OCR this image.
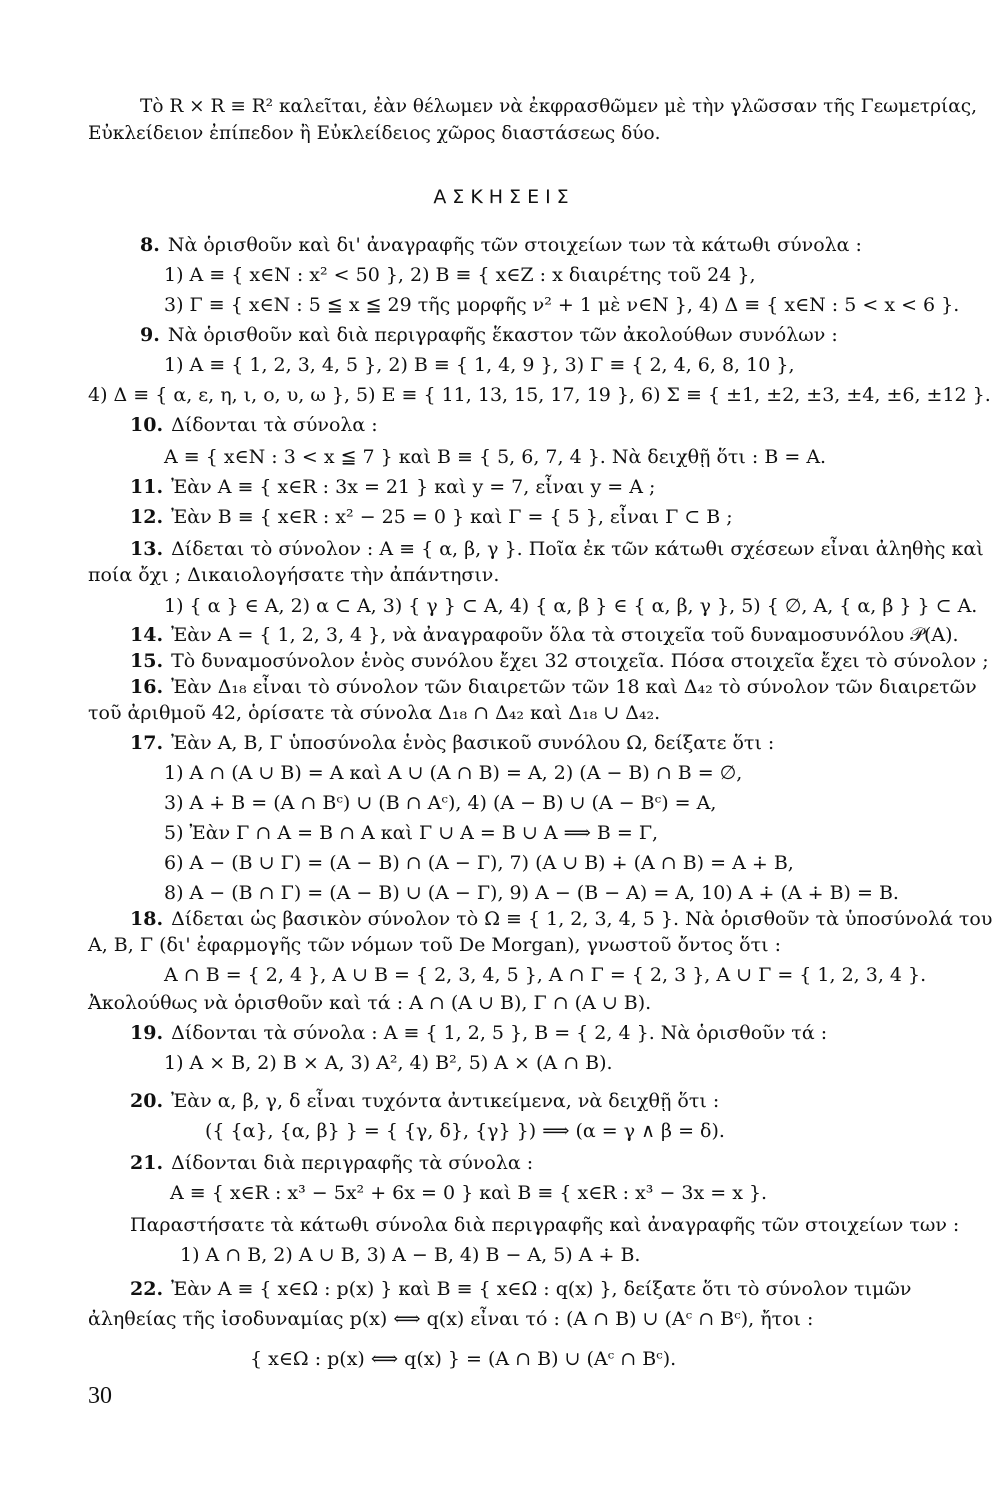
Τὸ R × R ≡ R² καλεῖται, ἐὰν θέλωμεν νὰ ἐκφρασθῶμεν μὲ τὴν γλῶσσαν τῆς Γεωμετρίας,
Εὐκλείδειον ἐπίπεδον ἢ Εὐκλείδειος χῶρος διαστάσεως δύο.
ΑΣΚΗΣΕΙΣ
8. Νὰ ὁρισθοῦν καὶ δι' ἀναγραφῆς τῶν στοιχείων των τὰ κάτωθι σύνολα :
1) A ≡ { x∈N : x² < 50 }, 2) B ≡ { x∈Z : x διαιρέτης τοῦ 24 },
3) Γ ≡ { x∈N : 5 ≦ x ≦ 29 τῆς μορφῆς ν² + 1 μὲ ν∈N }, 4) Δ ≡ { x∈N : 5 < x < 6 }.
9. Νὰ ὁρισθοῦν καὶ διὰ περιγραφῆς ἕκαστον τῶν ἀκολούθων συνόλων :
1) A ≡ { 1, 2, 3, 4, 5 }, 2) B ≡ { 1, 4, 9 }, 3) Γ ≡ { 2, 4, 6, 8, 10 },
4) Δ ≡ { α, ε, η, ι, ο, υ, ω }, 5) E ≡ { 11, 13, 15, 17, 19 }, 6) Σ ≡ { ±1, ±2, ±3, ±4, ±6, ±12 }.
10. Δίδονται τὰ σύνολα :
A ≡ { x∈N : 3 < x ≦ 7 } καὶ B ≡ { 5, 6, 7, 4 }. Νὰ δειχθῇ ὅτι : B = A.
11. Ἐὰν A ≡ { x∈R : 3x = 21 } καὶ y = 7, εἶναι y = A ;
12. Ἐὰν B ≡ { x∈R : x² − 25 = 0 } καὶ Γ = { 5 }, εἶναι Γ ⊂ B ;
13. Δίδεται τὸ σύνολον : A ≡ { α, β, γ }. Ποῖα ἐκ τῶν κάτωθι σχέσεων εἶναι ἀληθὴς καὶ
ποία ὄχι ; Δικαιολογήσατε τὴν ἀπάντησιν.
1) { α } ∈ A, 2) α ⊂ A, 3) { γ } ⊂ A, 4) { α, β } ∈ { α, β, γ }, 5) { ∅, A, { α, β } } ⊂ A.
14. Ἐὰν A = { 1, 2, 3, 4 }, νὰ ἀναγραφοῦν ὅλα τὰ στοιχεῖα τοῦ δυναμοσυνόλου 𝒫(A).
15. Τὸ δυναμοσύνολον ἑνὸς συνόλου ἔχει 32 στοιχεῖα. Πόσα στοιχεῖα ἔχει τὸ σύνολον ;
16. Ἐὰν Δ₁₈ εἶναι τὸ σύνολον τῶν διαιρετῶν τῶν 18 καὶ Δ₄₂ τὸ σύνολον τῶν διαιρετῶν
τοῦ ἀριθμοῦ 42, ὁρίσατε τὰ σύνολα Δ₁₈ ∩ Δ₄₂ καὶ Δ₁₈ ∪ Δ₄₂.
17. Ἐὰν A, B, Γ ὑποσύνολα ἑνὸς βασικοῦ συνόλου Ω, δείξατε ὅτι :
1) A ∩ (A ∪ B) = A καὶ A ∪ (A ∩ B) = A, 2) (A − B) ∩ B = ∅,
3) A ∔ B = (A ∩ Bᶜ) ∪ (B ∩ Aᶜ), 4) (A − B) ∪ (A − Bᶜ) = A,
5) Ἐὰν Γ ∩ A = B ∩ A καὶ Γ ∪ A = B ∪ A ⟹ B = Γ,
6) A − (B ∪ Γ) = (A − B) ∩ (A − Γ), 7) (A ∪ B) ∔ (A ∩ B) = A ∔ B,
8) A − (B ∩ Γ) = (A − B) ∪ (A − Γ), 9) A − (B − A) = A, 10) A ∔ (A ∔ B) = B.
18. Δίδεται ὡς βασικὸν σύνολον τὸ Ω ≡ { 1, 2, 3, 4, 5 }. Νὰ ὁρισθοῦν τὰ ὑποσύνολά του
A, B, Γ (δι' ἐφαρμογῆς τῶν νόμων τοῦ De Morgan), γνωστοῦ ὄντος ὅτι :
A ∩ B = { 2, 4 }, A ∪ B = { 2, 3, 4, 5 }, A ∩ Γ = { 2, 3 }, A ∪ Γ = { 1, 2, 3, 4 }.
Ἀκολούθως νὰ ὁρισθοῦν καὶ τά : A ∩ (A ∪ B), Γ ∩ (A ∪ B).
19. Δίδονται τὰ σύνολα : A ≡ { 1, 2, 5 }, B = { 2, 4 }. Νὰ ὁρισθοῦν τά :
1) A × B, 2) B × A, 3) A², 4) B², 5) A × (A ∩ B).
20. Ἐὰν α, β, γ, δ εἶναι τυχόντα ἀντικείμενα, νὰ δειχθῇ ὅτι :
({ {α}, {α, β} } = { {γ, δ}, {γ} }) ⟹ (α = γ ∧ β = δ).
21. Δίδονται διὰ περιγραφῆς τὰ σύνολα :
A ≡ { x∈R : x³ − 5x² + 6x = 0 } καὶ B ≡ { x∈R : x³ − 3x = x }.
Παραστήσατε τὰ κάτωθι σύνολα διὰ περιγραφῆς καὶ ἀναγραφῆς τῶν στοιχείων των :
1) A ∩ B, 2) A ∪ B, 3) A − B, 4) B − A, 5) A ∔ B.
22. Ἐὰν A ≡ { x∈Ω : p(x) } καὶ B ≡ { x∈Ω : q(x) }, δείξατε ὅτι τὸ σύνολον τιμῶν
ἀληθείας τῆς ἰσοδυναμίας p(x) ⟺ q(x) εἶναι τό : (A ∩ B) ∪ (Aᶜ ∩ Bᶜ), ἤτοι :
{ x∈Ω : p(x) ⟺ q(x) } = (A ∩ B) ∪ (Aᶜ ∩ Bᶜ).
30
